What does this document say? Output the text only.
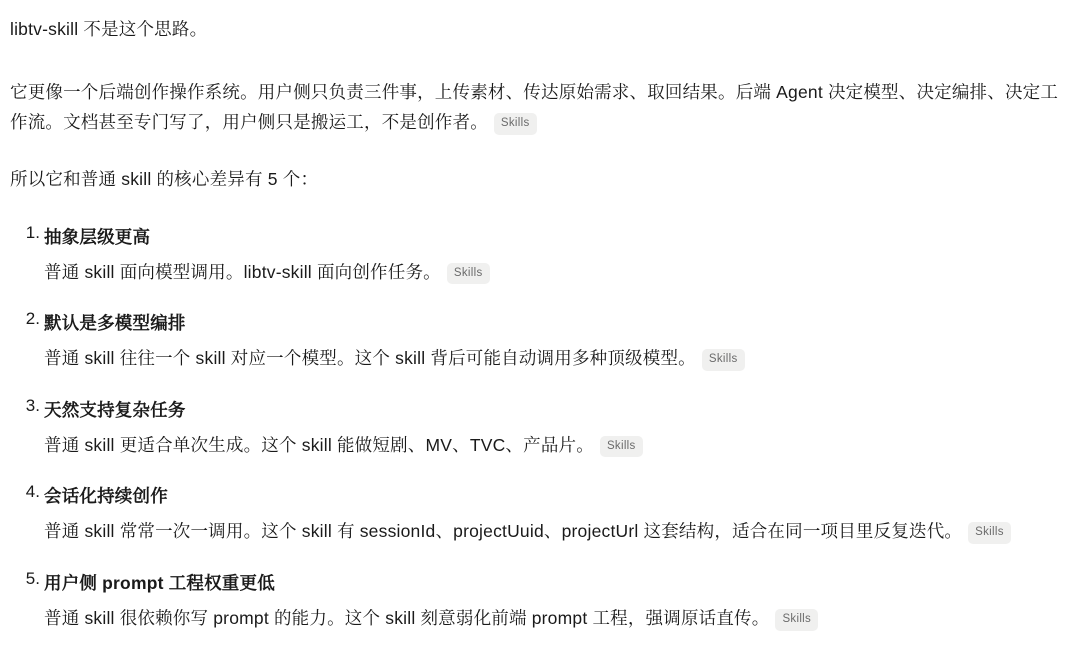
libtv-skill 不是这个思路。

它更像一个后端创作操作系统。用户侧只负责三件事，上传素材、传达原始需求、取回结果。后端 Agent 决定模型、决定编排、决定工作流。文档甚至专门写了，用户侧只是搬运工，不是创作者。 Skills

所以它和普通 skill 的核心差异有 5 个：

抽象层级更高
普通 skill 面向模型调用。libtv-skill 面向创作任务。 Skills
默认是多模型编排
普通 skill 往往一个 skill 对应一个模型。这个 skill 背后可能自动调用多种顶级模型。 Skills
天然支持复杂任务
普通 skill 更适合单次生成。这个 skill 能做短剧、MV、TVC、产品片。 Skills
会话化持续创作
普通 skill 常常一次一调用。这个 skill 有 sessionId、projectUuid、projectUrl 这套结构，适合在同一项目里反复迭代。 Skills
用户侧 prompt 工程权重更低
普通 skill 很依赖你写 prompt 的能力。这个 skill 刻意弱化前端 prompt 工程，强调原话直传。 Skills
